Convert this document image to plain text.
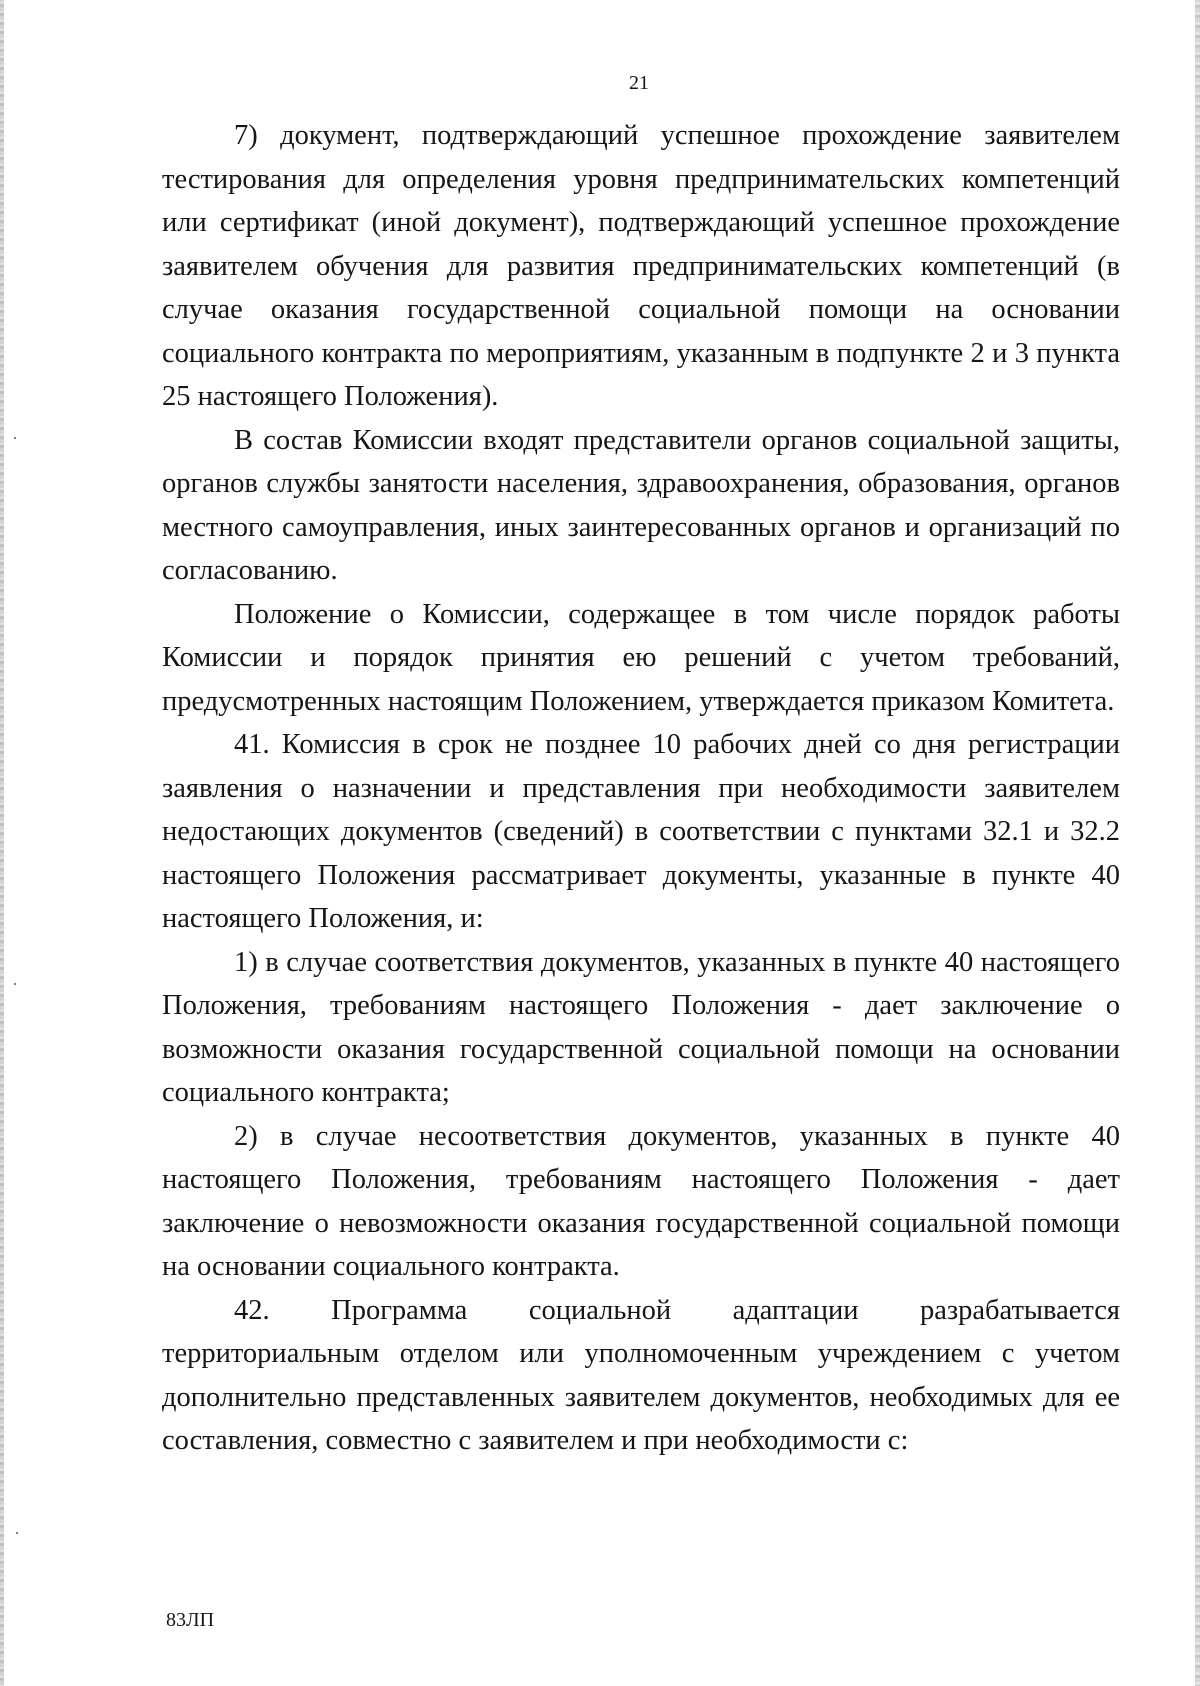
21

7) документ, подтверждающий успешное прохождение заявителем тестирования для определения уровня предпринимательских компетенций или сертификат (иной документ), подтверждающий успешное прохождение заявителем обучения для развития предпринимательских компетенций (в случае оказания государственной социальной помощи на основании социального контракта по мероприятиям, указанным в подпункте 2 и 3 пункта 25 настоящего Положения).

В состав Комиссии входят представители органов социальной защиты, органов службы занятости населения, здравоохранения, образования, органов местного самоуправления, иных заинтересованных органов и организаций по согласованию.

Положение о Комиссии, содержащее в том числе порядок работы Комиссии и порядок принятия ею решений с учетом требований, предусмотренных настоящим Положением, утверждается приказом Комитета.

41. Комиссия в срок не позднее 10 рабочих дней со дня регистрации заявления о назначении и представления при необходимости заявителем недостающих документов (сведений) в соответствии с пунктами 32.1 и 32.2 настоящего Положения рассматривает документы, указанные в пункте 40 настоящего Положения, и:

1) в случае соответствия документов, указанных в пункте 40 настоящего Положения, требованиям настоящего Положения - дает заключение о возможности оказания государственной социальной помощи на основании социального контракта;

2) в случае несоответствия документов, указанных в пункте 40 настоящего Положения, требованиям настоящего Положения - дает заключение о невозможности оказания государственной социальной помощи на основании социального контракта.

42. Программа социальной адаптации разрабатывается территориальным отделом или уполномоченным учреждением с учетом дополнительно представленных заявителем документов, необходимых для ее составления, совместно с заявителем и при необходимости с:

83ЛП
